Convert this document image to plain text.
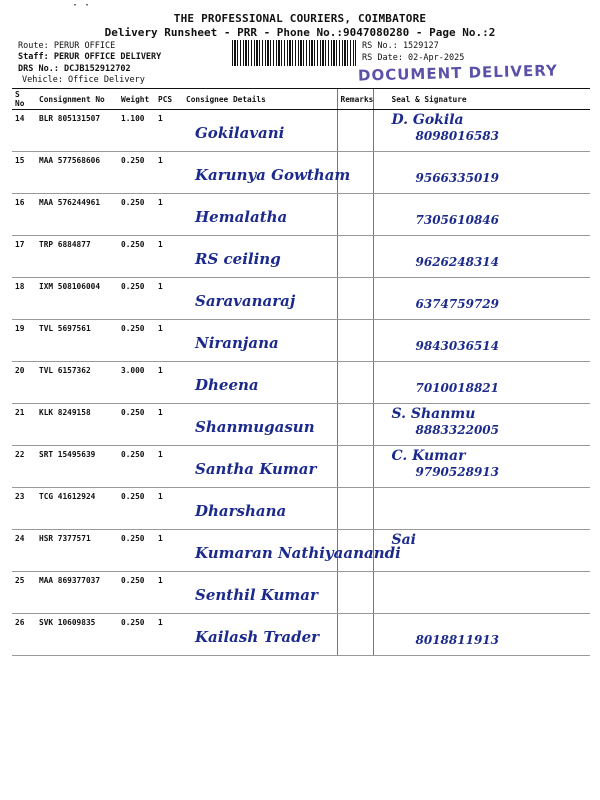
· ·
THE PROFESSIONAL COURIERS, COIMBATORE
Delivery Runsheet - PRR - Phone No.:9047080280 - Page No.:2
Route: PERUR OFFICE
Staff: PERUR OFFICE DELIVERY
DRS No.: DCJB152912702
Vehicle: Office Delivery
RS No.: 1529127
RS Date: 02-Apr-2025
DOCUMENT DELIVERY
S No	Consignment No	Weight	PCS	Consignee Details	Remarks	Seal & Signature
14	BLR 805131507	1.100	1	Gokilavani		D. Gokila
8098016583

15	MAA 577568606	0.250	1	Karunya Gowtham		9566335019

16	MAA 576244961	0.250	1	Hemalatha		7305610846

17	TRP 6884877	0.250	1	RS ceiling		9626248314

18	IXM 508106004	0.250	1	Saravanaraj		6374759729

19	TVL 5697561	0.250	1	Niranjana		9843036514

20	TVL 6157362	3.000	1	Dheena		7010018821

21	KLK 8249158	0.250	1	Shanmugasun		S. Shanmu
8883322005

22	SRT 15495639	0.250	1	Santha Kumar		C. Kumar
9790528913

23	TCG 41612924	0.250	1	Dharshana		

24	HSR 7377571	0.250	1	Kumaran Nathiyaanandi		Sai

25	MAA 869377037	0.250	1	Senthil Kumar		

26	SVK 10609835	0.250	1	Kailash Trader		8018811913
